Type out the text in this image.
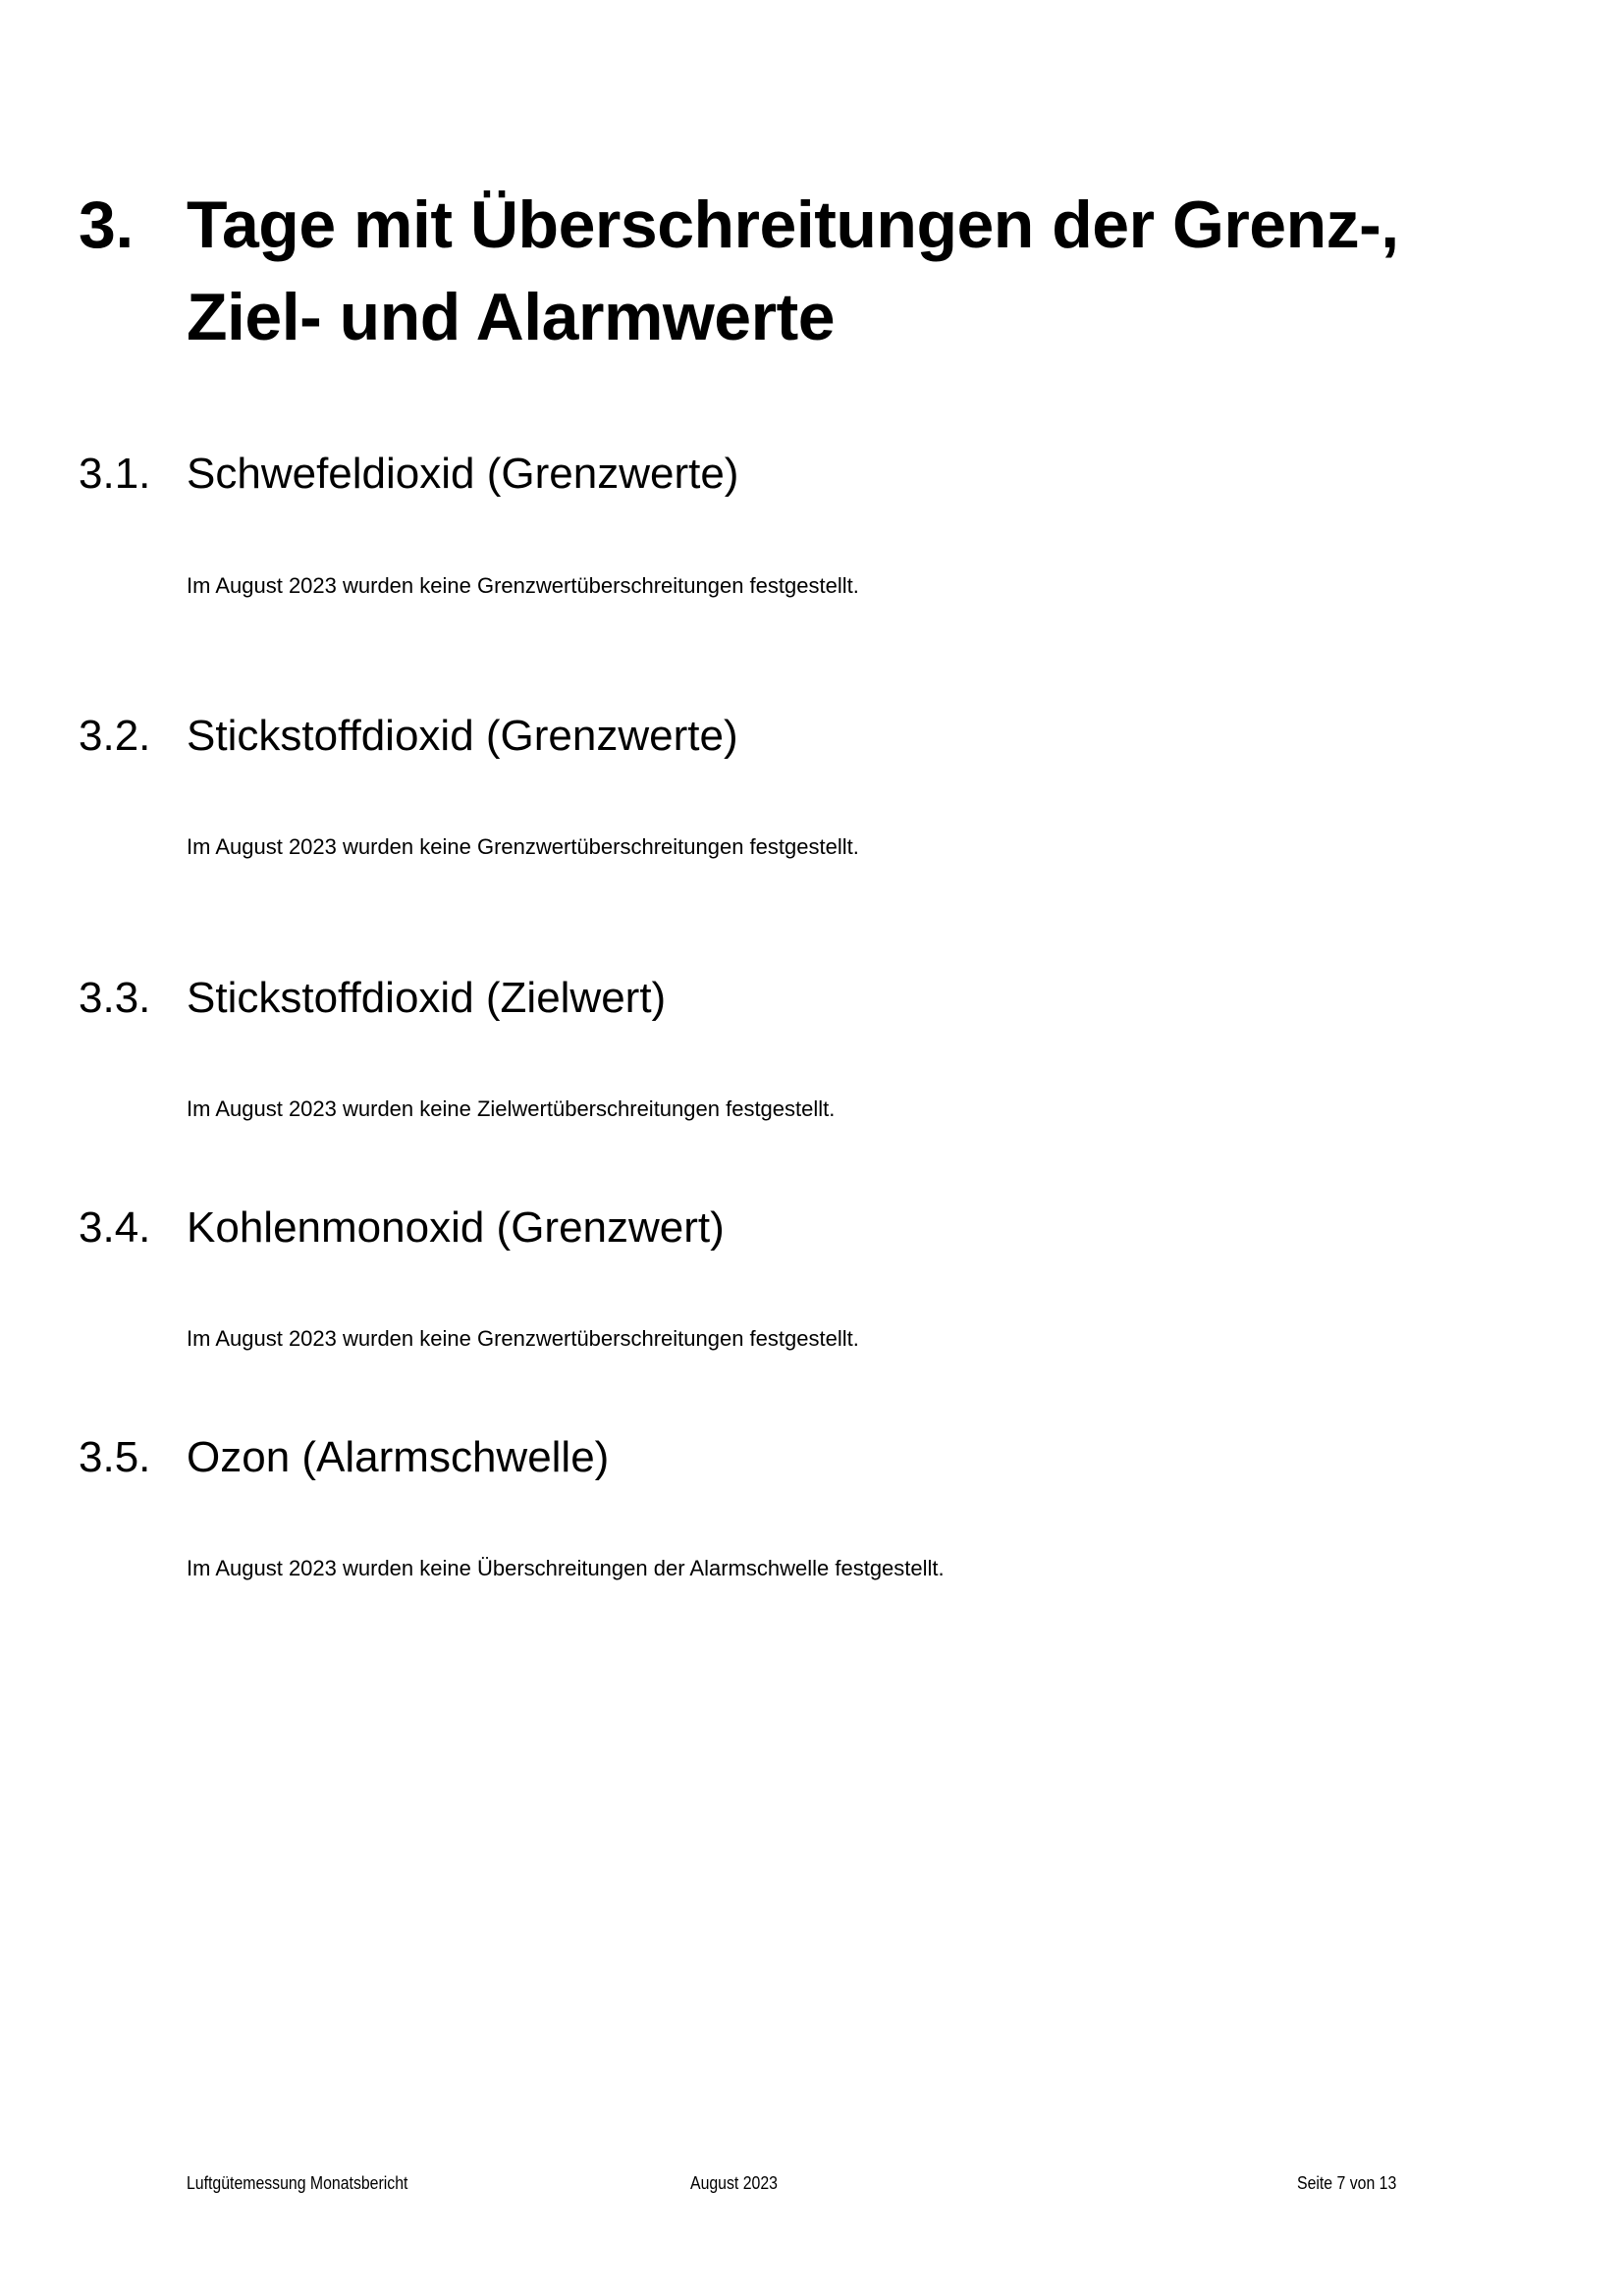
3. Tage mit Überschreitungen der Grenz-,
Ziel- und Alarmwerte
3.1. Schwefeldioxid (Grenzwerte)
Im August 2023 wurden keine Grenzwertüberschreitungen festgestellt.
3.2. Stickstoffdioxid (Grenzwerte)
Im August 2023 wurden keine Grenzwertüberschreitungen festgestellt.
3.3. Stickstoffdioxid (Zielwert)
Im August 2023 wurden keine Zielwertüberschreitungen festgestellt.
3.4. Kohlenmonoxid (Grenzwert)
Im August 2023 wurden keine Grenzwertüberschreitungen festgestellt.
3.5. Ozon (Alarmschwelle)
Im August 2023 wurden keine Überschreitungen der Alarmschwelle festgestellt.
Luftgütemessung Monatsbericht	August 2023	Seite 7 von 13
